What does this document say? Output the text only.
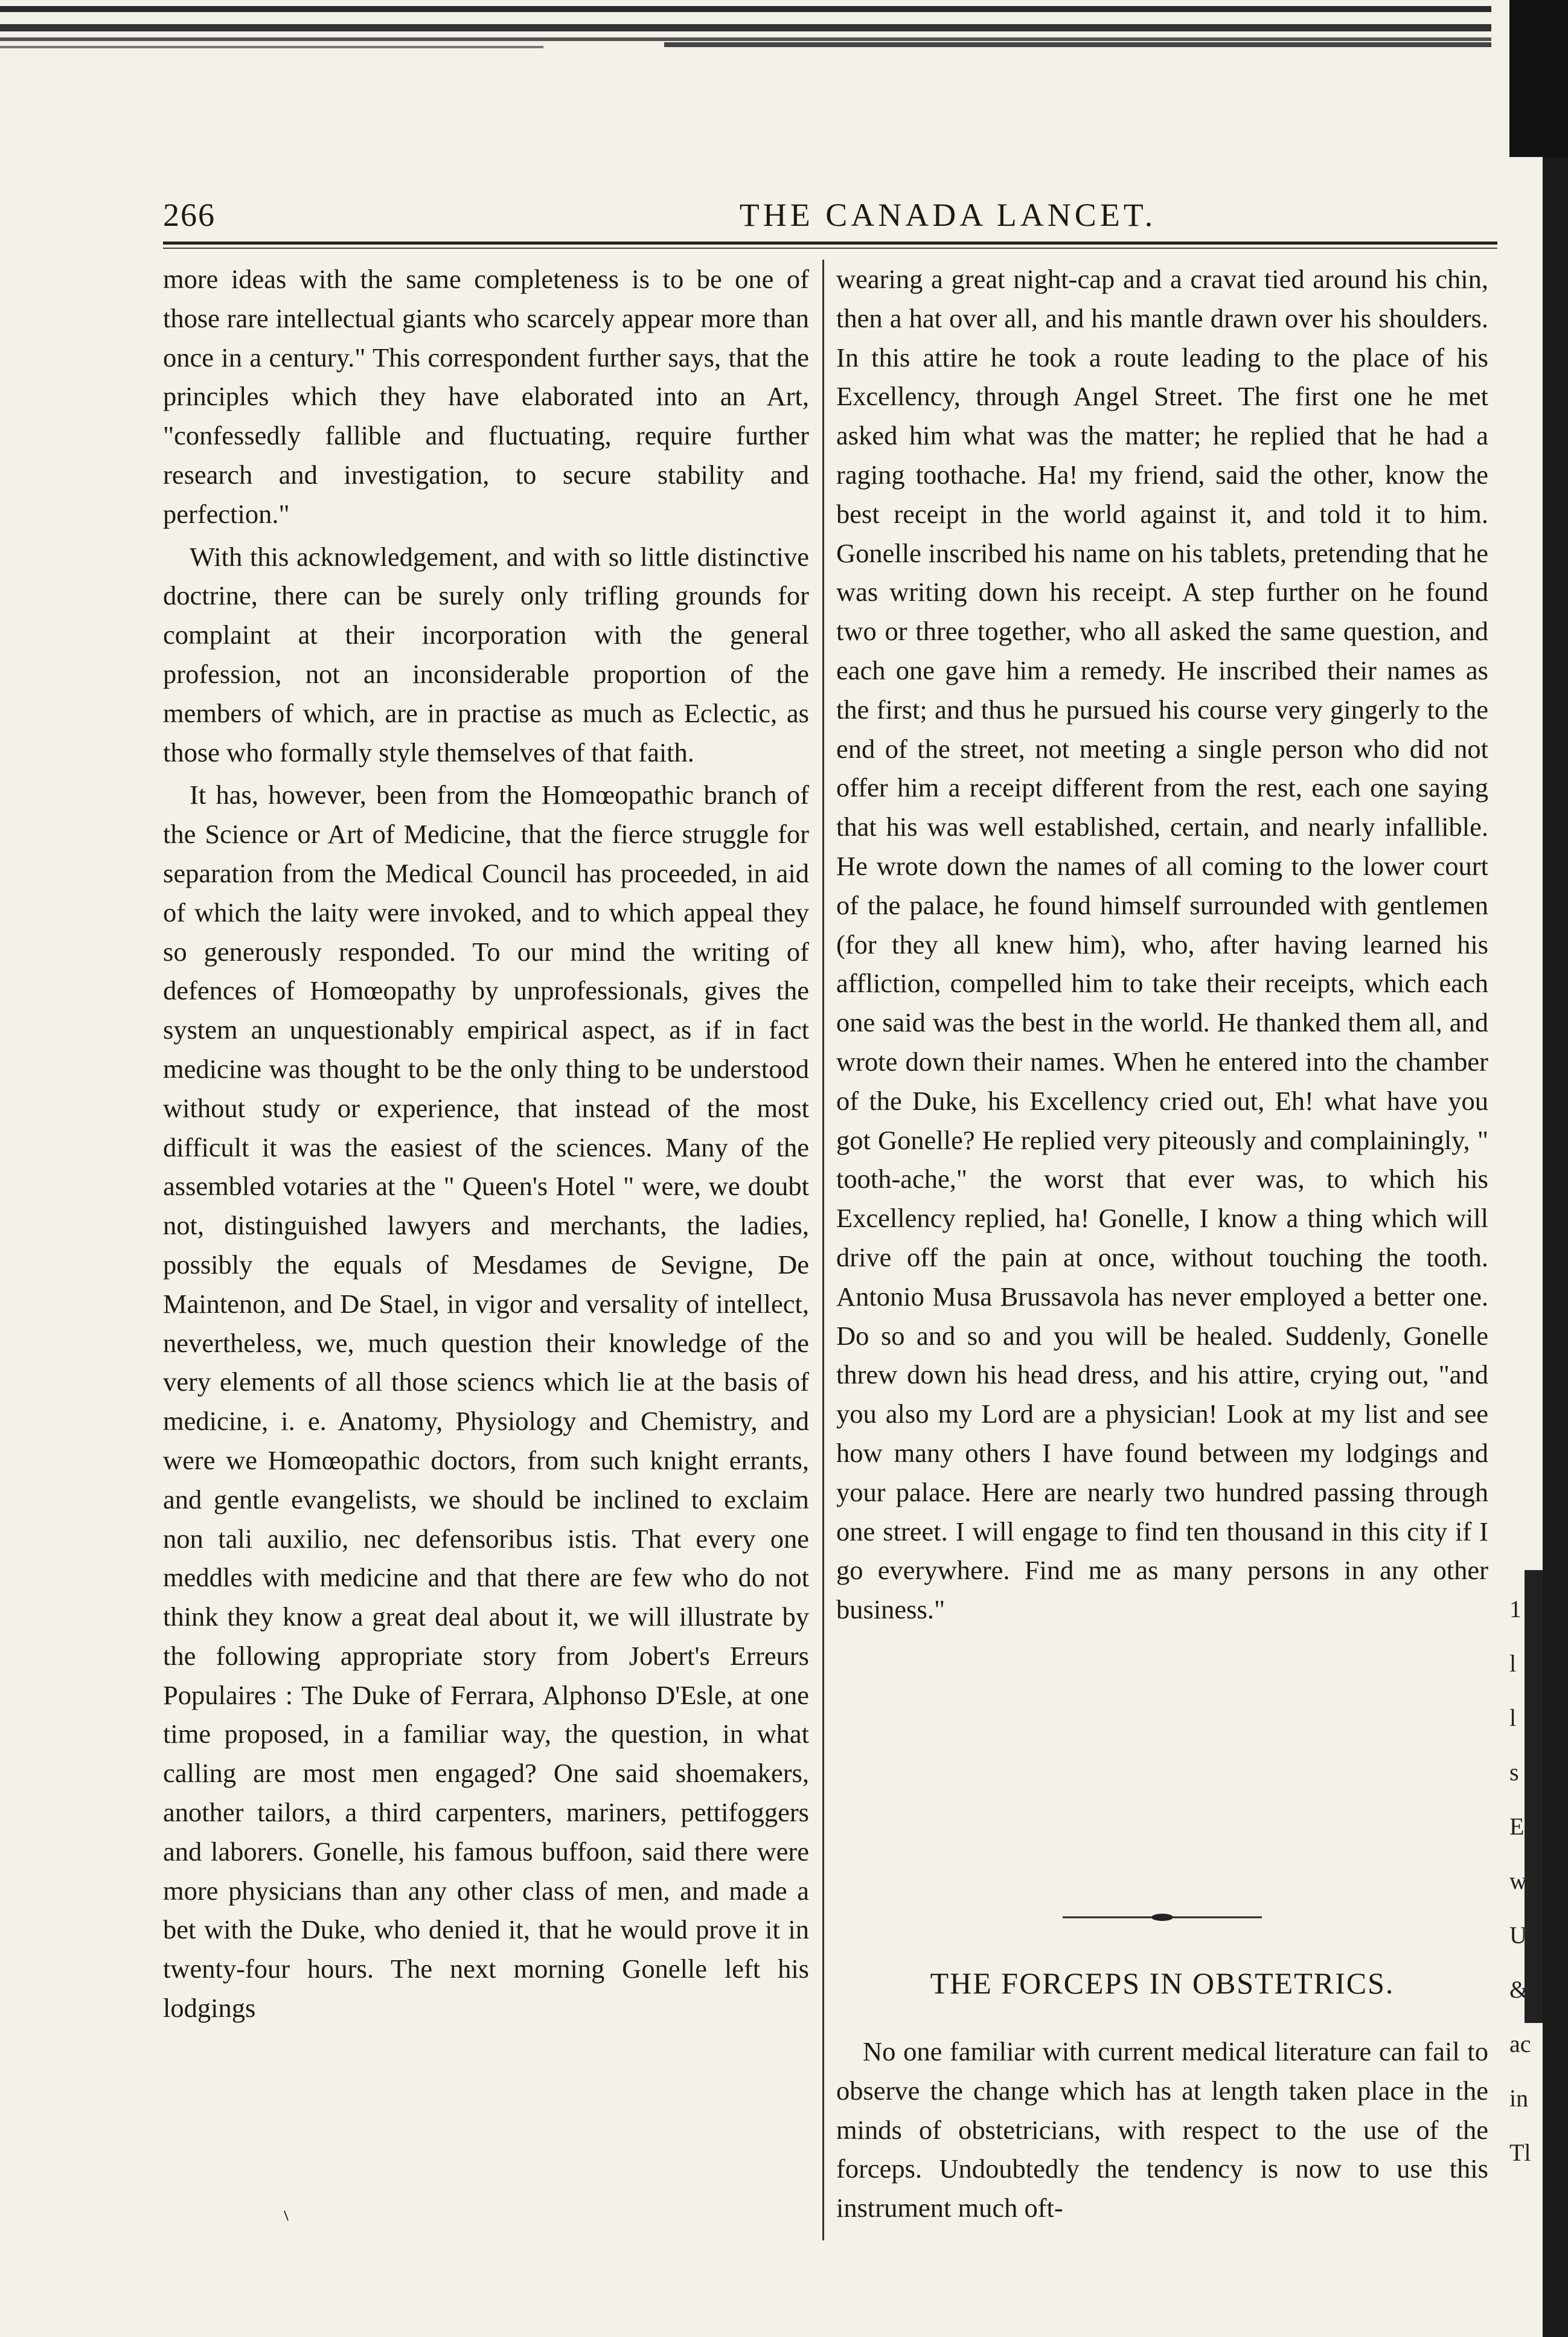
266	THE CANADA LANCET.

more ideas with the same completeness is to be one of those rare intellectual giants who scarcely appear more than once in a century." This correspondent further says, that the principles which they have elaborated into an Art, "confessedly fallible and fluctuating, require further research and investigation, to secure stability and perfection."

With this acknowledgement, and with so little distinctive doctrine, there can be surely only trifling grounds for complaint at their incorporation with the general profession, not an inconsiderable proportion of the members of which, are in practise as much as Eclectic, as those who formally style themselves of that faith.

It has, however, been from the Homœopathic branch of the Science or Art of Medicine, that the fierce struggle for separation from the Medical Council has proceeded, in aid of which the laity were invoked, and to which appeal they so generously responded. To our mind the writing of defences of Homœopathy by unprofessionals, gives the system an unquestionably empirical aspect, as if in fact medicine was thought to be the only thing to be understood without study or experience, that instead of the most difficult it was the easiest of the sciences. Many of the assembled votaries at the " Queen's Hotel " were, we doubt not, distinguished lawyers and merchants, the ladies, possibly the equals of Mesdames de Sevigne, De Maintenon, and De Stael, in vigor and versality of intellect, nevertheless, we, much question their knowledge of the very elements of all those sciencs which lie at the basis of medicine, i. e. Anatomy, Physiology and Chemistry, and were we Homœopathic doctors, from such knight errants, and gentle evangelists, we should be inclined to exclaim non tali auxilio, nec defensoribus istis. That every one meddles with medicine and that there are few who do not think they know a great deal about it, we will illustrate by the following appropriate story from Jobert's Erreurs Populaires : The Duke of Ferrara, Alphonso D'Esle, at one time proposed, in a familiar way, the question, in what calling are most men engaged? One said shoemakers, another tailors, a third carpenters, mariners, pettifoggers and laborers. Gonelle, his famous buffoon, said there were more physicians than any other class of men, and made a bet with the Duke, who denied it, that he would prove it in twenty-four hours. The next morning Gonelle left his lodgings

wearing a great night-cap and a cravat tied around his chin, then a hat over all, and his mantle drawn over his shoulders. In this attire he took a route leading to the place of his Excellency, through Angel Street. The first one he met asked him what was the matter; he replied that he had a raging toothache. Ha! my friend, said the other, know the best receipt in the world against it, and told it to him. Gonelle inscribed his name on his tablets, pretending that he was writing down his receipt. A step further on he found two or three together, who all asked the same question, and each one gave him a remedy. He inscribed their names as the first; and thus he pursued his course very gingerly to the end of the street, not meeting a single person who did not offer him a receipt different from the rest, each one saying that his was well established, certain, and nearly infallible. He wrote down the names of all coming to the lower court of the palace, he found himself surrounded with gentlemen (for they all knew him), who, after having learned his affliction, compelled him to take their receipts, which each one said was the best in the world. He thanked them all, and wrote down their names. When he entered into the chamber of the Duke, his Excellency cried out, Eh! what have you got Gonelle? He replied very piteously and complainingly, " tooth-ache," the worst that ever was, to which his Excellency replied, ha! Gonelle, I know a thing which will drive off the pain at once, without touching the tooth. Antonio Musa Brussavola has never employed a better one. Do so and so and you will be healed. Suddenly, Gonelle threw down his head dress, and his attire, crying out, "and you also my Lord are a physician! Look at my list and see how many others I have found between my lodgings and your palace. Here are nearly two hundred passing through one street. I will engage to find ten thousand in this city if I go everywhere. Find me as many persons in any other business."

THE FORCEPS IN OBSTETRICS.

No one familiar with current medical literature can fail to observe the change which has at length taken place in the minds of obstetricians, with respect to the use of the forceps. Undoubtedly the tendency is now to use this instrument much oft-

1
l
l
s
E
w
U
&
ac
in
Tl
